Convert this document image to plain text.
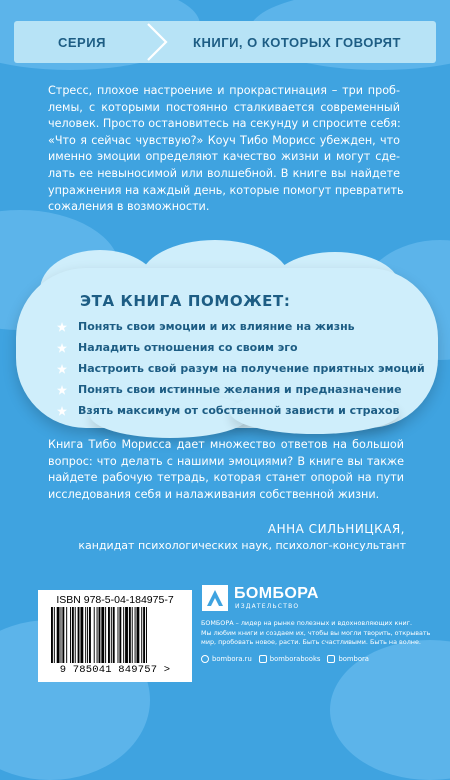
СЕРИЯ	КНИГИ, О КОТОРЫХ ГОВОРЯТ
Стресс, плохое настроение и прокрастинация – три проб-
лемы, с которыми постоянно сталкивается современный
человек. Просто остановитесь на секунду и спросите себя:
«Что я сейчас чувствую?» Коуч Тибо Морисс убежден, что
именно эмоции определяют качество жизни и могут сде-
лать ее невыносимой или волшебной. В книге вы найдете
упражнения на каждый день, которые помогут превратить
сожаления в возможности.
ЭТА КНИГА ПОМОЖЕТ:
Понять свои эмоции и их влияние на жизнь
Наладить отношения со своим эго
Настроить свой разум на получение приятных эмоций
Понять свои истинные желания и предназначение
Взять максимум от собственной зависти и страхов
Книга Тибо Морисса дает множество ответов на большой
вопрос: что делать с нашими эмоциями? В книге вы также
найдете рабочую тетрадь, которая станет опорой на пути
исследования себя и налаживания собственной жизни.
АННА СИЛЬНИЦКАЯ,
кандидат психологических наук, психолог-консультант
ISBN 978-5-04-184975-7
9 785041 849757 >
БОМБОРА
ИЗДАТЕЛЬСТВО
БОМБОРА – лидер на рынке полезных и вдохновляющих книг.
Мы любим книги и создаем их, чтобы вы могли творить, открывать
мир, пробовать новое, расти. Быть счастливыми. Быть на волне.
bombora.ru	bomborabooks	bombora
